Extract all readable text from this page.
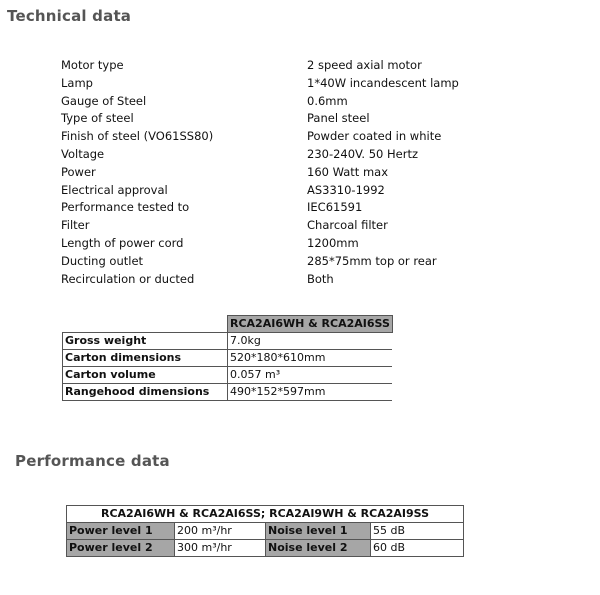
Technical data
Motor type	2 speed axial motor
Lamp	1*40W incandescent lamp
Gauge of Steel	0.6mm
Type of steel	Panel steel
Finish of steel (VO61SS80)	Powder coated in white
Voltage	230-240V. 50 Hertz
Power	160 Watt max
Electrical approval	AS3310-1992
Performance tested to	IEC61591
Filter	Charcoal filter
Length of power cord	1200mm
Ducting outlet	285*75mm top or rear
Recirculation or ducted	Both
	RCA2AI6WH & RCA2AI6SS
Gross weight	7.0kg
Carton dimensions	520*180*610mm
Carton volume	0.057 m³
Rangehood dimensions	490*152*597mm
Performance data
RCA2AI6WH & RCA2AI6SS; RCA2AI9WH & RCA2AI9SS			
Power level 1	200 m³/hr	Noise level 1	55 dB
Power level 2	300 m³/hr	Noise level 2	60 dB
